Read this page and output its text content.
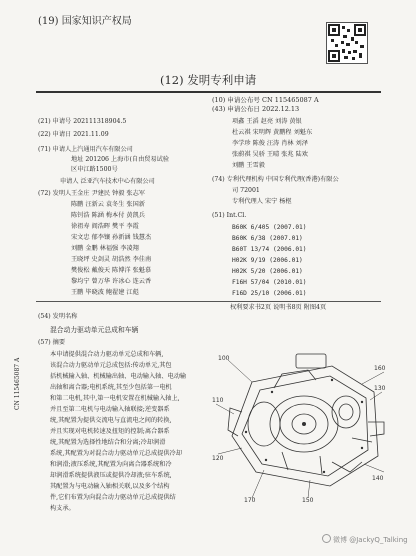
(19) 国家知识产权局
(12) 发明专利申请
(10) 申请公布号 CN 115465087 A
(43) 申请公布日 2022.12.13
(21) 申请号 202111318904.5
(22) 申请日 2021.11.09
(71) 申请人 上汽通用汽车有限公司
地址 201206 上海市(自由贸易试验
区申江路1500号
申请人 泛亚汽车技术中心有限公司
(72) 发明人 王金庄 尹建民 钟毅 张志军
陈鹏 汪新云 袁冬生 张国新
陈钊浩 陈涵 梅本付 黄凯兵
徐祖寿 阎浩晖 樊平 李霞
宋文忠 郁李镶 孙新涵 钱慧杰
刘鹏 金鹏 林福强 李凌翔
王晓坪 史剑灵 胡浩然 李佳南
樊俊松 戴俊天 陈博洋 张魁慕
黎均宁 曾万华 许冰心 连云香
王鹏 毕晓波 鲍翟建 江彪
项鑫 王滔 赵亮 刘涛 黄银
杜云祺 宋明辉 黄鹏程 刘魁东
李学珍 陈俊 汪涛 肖林 刘泽
张蔚祺 吴骄 王晴 张兆 陆欢
刘鹏 王雪毅
(74) 专利代理机构 中国专利代理(香港)有限公
司 72001
专利代理人 宋宁 杨枢
(51) Int.Cl.
B60K 6/405 (2007.01)
B60K 6/38 (2007.01)
B60T 13/74 (2006.01)
H02K 9/19 (2006.01)
H02K 5/20 (2006.01)
F16H 57/04 (2010.01)
F16D 25/10 (2006.01)
权利要求书2页 说明书8页 附图4页
(54) 发明名称
混合动力驱动单元总成和车辆
(57) 摘要
本申请提供混合动力驱动单元总成和车辆,
该混合动力驱动单元总成包括:传动单元,其包
括机械输入轴、机械输出轴、电动输入轴、电动输
出轴和离合器;电机系统,其至少包括第一电机
和第二电机,其中,第一电机安置在机械输入轴上,
并且至第二电机与电动输入轴联接;逆变器系
统,其配置为提供交流电与直流电之间的转换,
并且实现对电机转速及扭矩的控制;离合器系
统,其配置为选择性地结合和分离;冷却润滑
系统,其配置为对混合动力驱动单元总成提供冷却
和润滑;液压系统,其配置为向离合器系统和冷
却润滑系统提供液压或提供冷却液;驻车系统,
其配置为与电动输入轴相关联,以及多个结构
件,它们布置为向混合动力驱动单元总成提供结
构支承。
100
110
120
130
140
150
160
170
CN 115465087 A
微博 @JackyQ_Talking
